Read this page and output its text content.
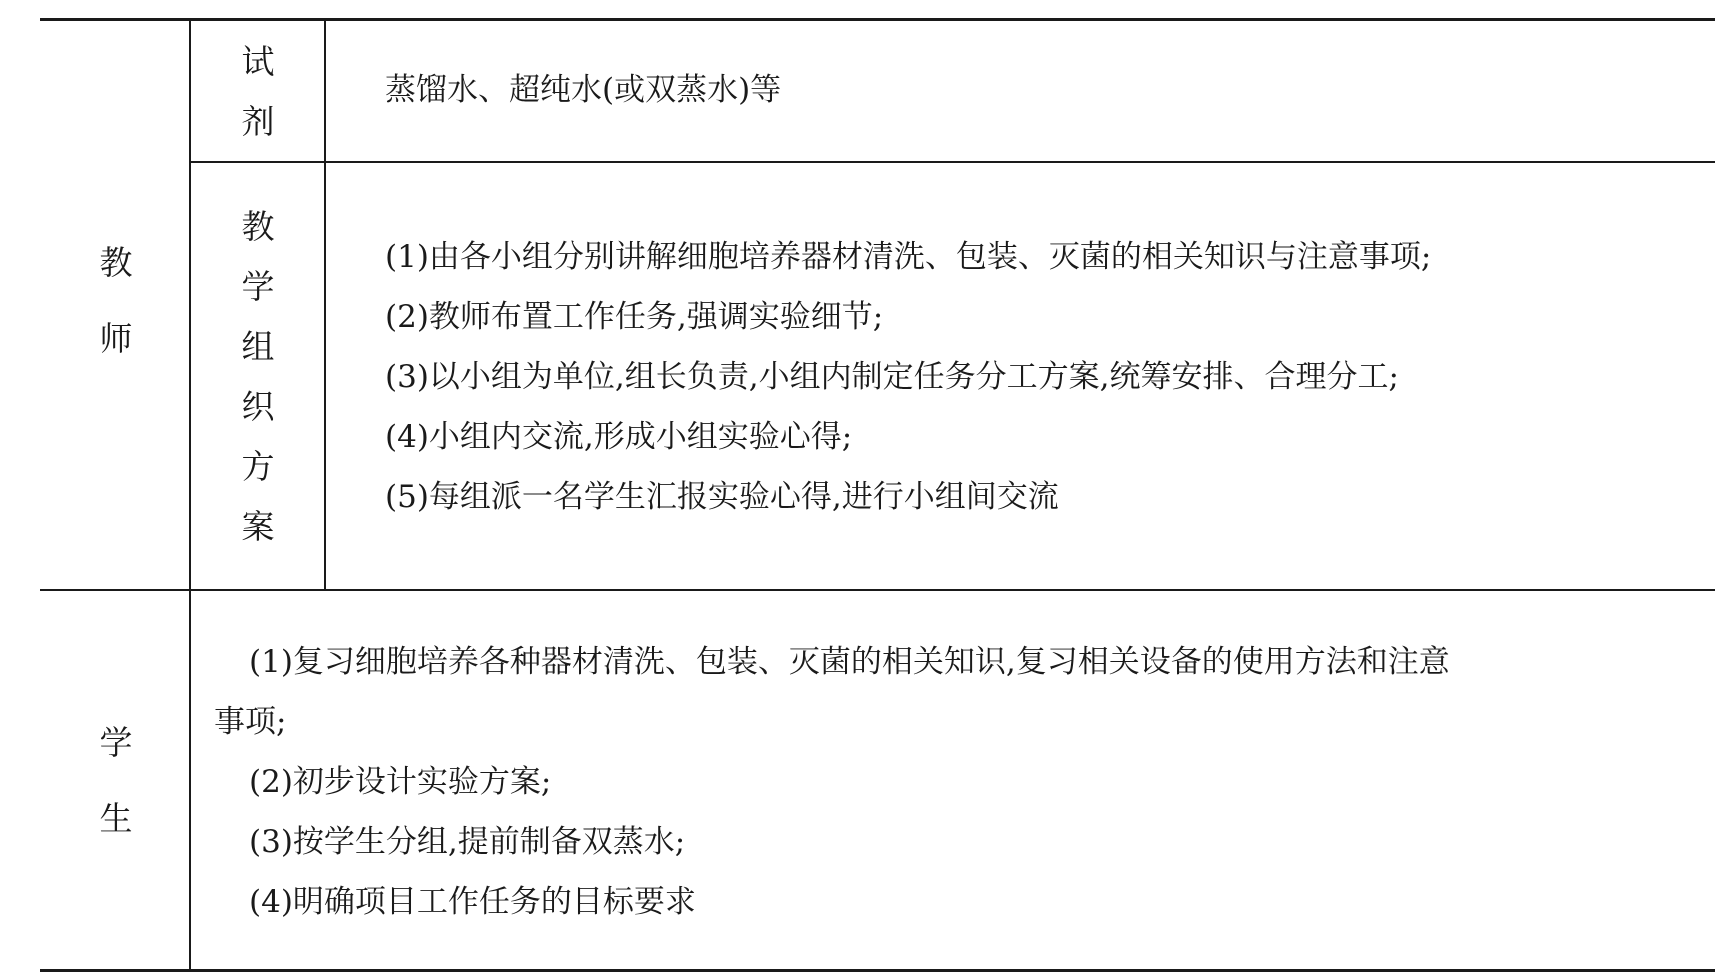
教
师
试
剂
蒸馏水、超纯水(或双蒸水)等
教
学
组
织
方
案
(1)由各小组分别讲解细胞培养器材清洗、包装、灭菌的相关知识与注意事项;
(2)教师布置工作任务,强调实验细节;
(3)以小组为单位,组长负责,小组内制定任务分工方案,统筹安排、合理分工;
(4)小组内交流,形成小组实验心得;
(5)每组派一名学生汇报实验心得,进行小组间交流
学
生
(1)复习细胞培养各种器材清洗、包装、灭菌的相关知识,复习相关设备的使用方法和注意
事项;
(2)初步设计实验方案;
(3)按学生分组,提前制备双蒸水;
(4)明确项目工作任务的目标要求
